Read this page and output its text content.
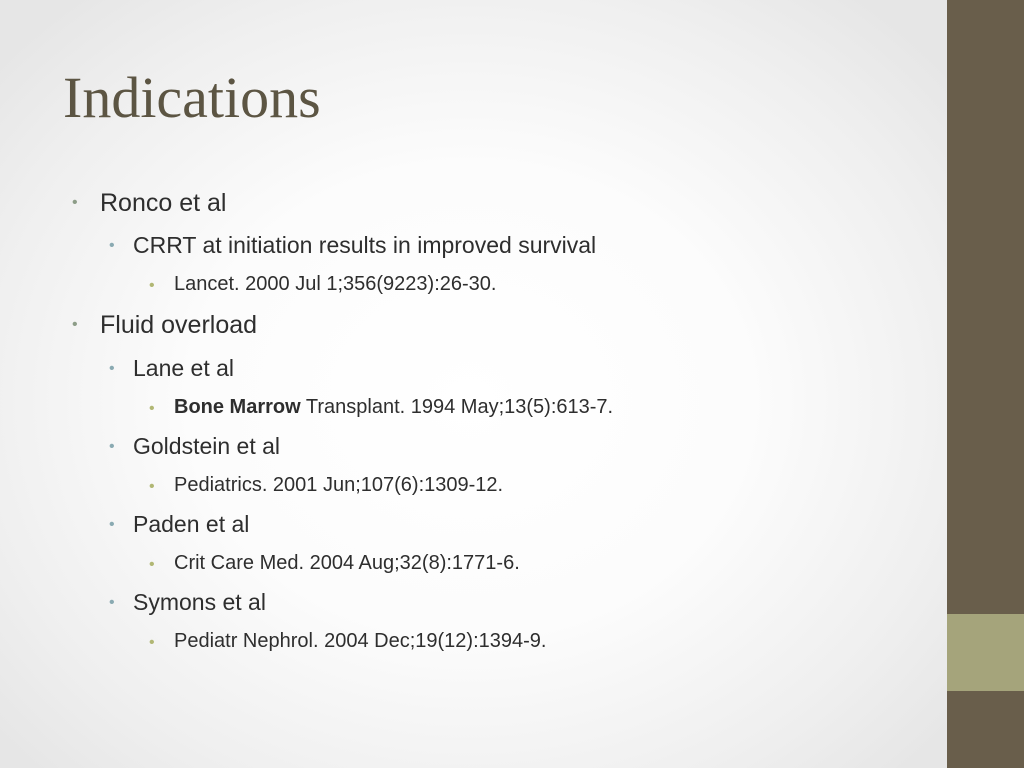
Indications
• Ronco et al
• CRRT at initiation results in improved survival
• Lancet. 2000 Jul 1;356(9223):26-30.
• Fluid overload
• Lane et al
• Bone Marrow Transplant. 1994 May;13(5):613-7.
• Goldstein et al
• Pediatrics. 2001 Jun;107(6):1309-12.
• Paden et al
• Crit Care Med. 2004 Aug;32(8):1771-6.
• Symons et al
• Pediatr Nephrol. 2004 Dec;19(12):1394-9.
